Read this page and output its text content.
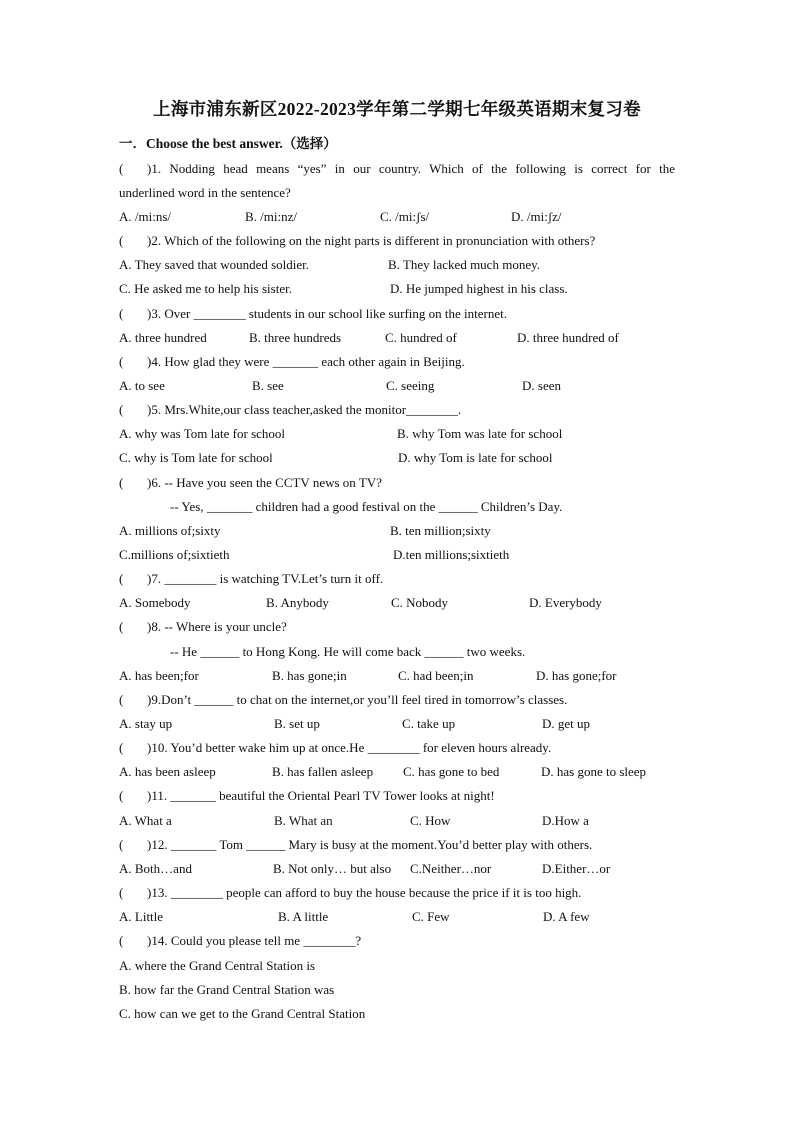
上海市浦东新区2022-2023学年第二学期七年级英语期末复习卷
一．Choose the best answer.（选择）
( )1. Nodding head means “yes” in our country. Which of the following is correct for the
underlined word in the sentence?
A. /mi:ns/	B. /mi:nz/	C. /mi:ʃs/	D. /mi:ʃz/
( )2. Which of the following on the night parts is different in pronunciation with others?
A. They saved that wounded soldier.	B. They lacked much money.
C. He asked me to help his sister.	D. He jumped highest in his class.
( )3. Over ________ students in our school like surfing on the internet.
A. three hundred	B. three hundreds	C. hundred of	D. three hundred of
( )4. How glad they were _______ each other again in Beijing.
A. to see	B. see	C. seeing	D. seen
( )5. Mrs.White,our class teacher,asked the monitor________.
A. why was Tom late for school	B. why Tom was late for school
C. why is Tom late for school	D. why Tom is late for school
( )6. -- Have you seen the CCTV news on TV?
-- Yes, _______ children had a good festival on the ______ Children’s Day.
A. millions of;sixty	B. ten million;sixty
C.millions of;sixtieth	D.ten millions;sixtieth
( )7. ________ is watching TV.Let’s turn it off.
A. Somebody	B. Anybody	C. Nobody	D. Everybody
( )8. -- Where is your uncle?
-- He ______ to Hong Kong. He will come back ______ two weeks.
A. has been;for	B. has gone;in	C. had been;in	D. has gone;for
( )9.Don’t ______ to chat on the internet,or you’ll feel tired in tomorrow’s classes.
A. stay up	B. set up	C. take up	D. get up
( )10. You’d better wake him up at once.He ________ for eleven hours already.
A. has been asleep	B. has fallen asleep C. has gone to bed	D. has gone to sleep
( )11. _______ beautiful the Oriental Pearl TV Tower looks at night!
A. What a	B. What an	C. How	D.How a
( )12. _______ Tom ______ Mary is busy at the moment.You’d better play with others.
A. Both…and	B. Not only… but also C.Neither…nor	D.Either…or
( )13. ________ people can afford to buy the house because the price if it is too high.
A. Little	B. A little	C. Few	D. A few
( )14. Could you please tell me ________?
A. where the Grand Central Station is
B. how far the Grand Central Station was
C. how can we get to the Grand Central Station
